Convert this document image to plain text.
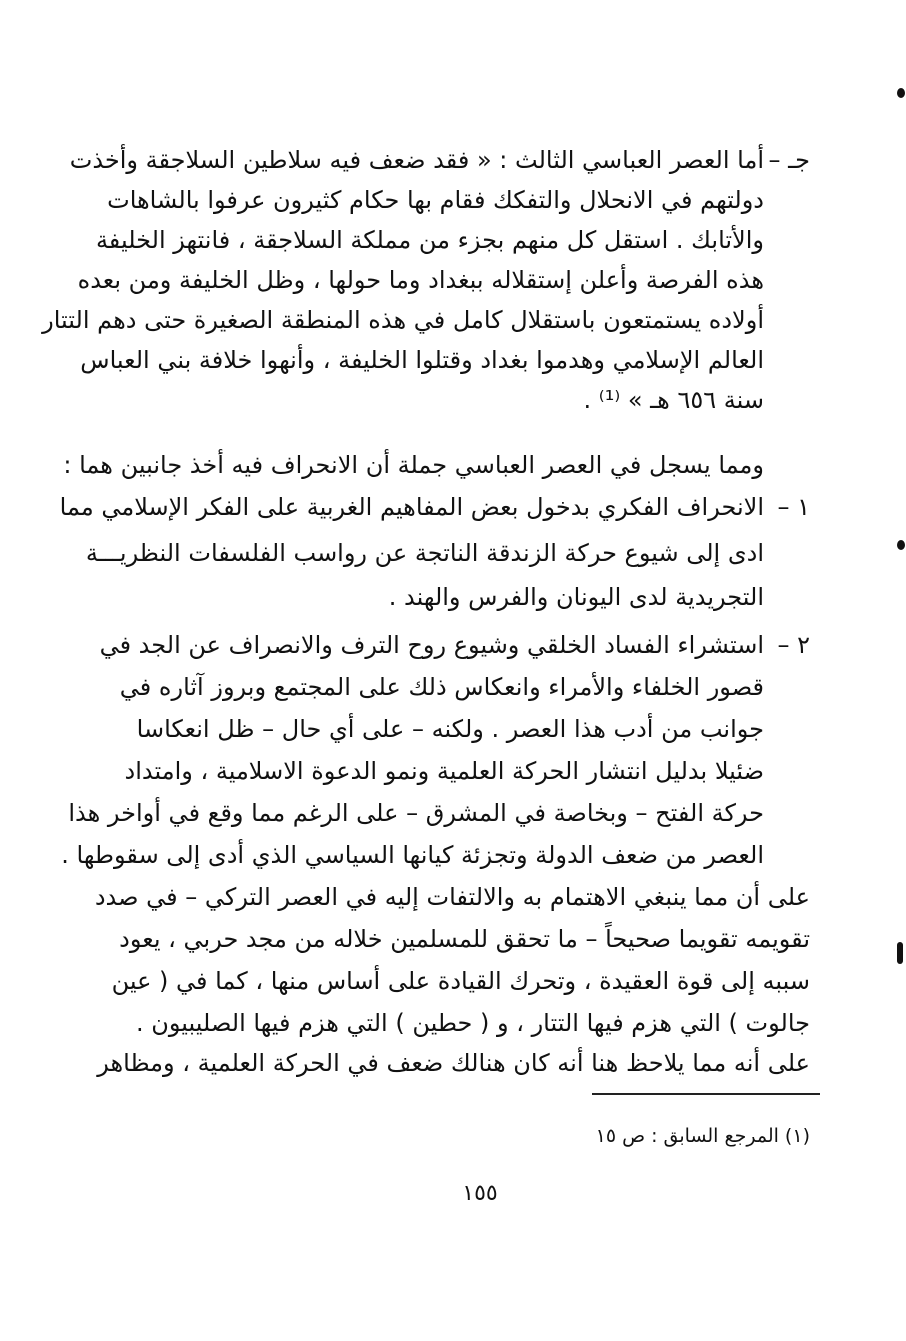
جـ –
أما العصر العباسي الثالث : « فقد ضعف فيه سلاطين السلاجقة وأخذت
دولتهم في الانحلال والتفكك فقام بها حكام كثيرون عرفوا بالشاهات
والأتابك . استقل كل منهم بجزء من مملكة السلاجقة ، فانتهز الخليفة
هذه الفرصة وأعلن إستقلاله ببغداد وما حولها ، وظل الخليفة ومن بعده
أولاده يستمتعون باستقلال كامل في هذه المنطقة الصغيرة حتى دهم التتار
العالم الإسلامي وهدموا بغداد وقتلوا الخليفة ، وأنهوا خلافة بني العباس
سنة ٦٥٦ هـ » ⁽¹⁾ .
ومما يسجل في العصر العباسي جملة أن الانحراف فيه أخذ جانبين هما :
١ –
الانحراف الفكري بدخول بعض المفاهيم الغربية على الفكر الإسلامي مما
ادى إلى شيوع حركة الزندقة الناتجة عن رواسب الفلسفات النظريـــة
التجريدية لدى اليونان والفرس والهند .
٢ –
استشراء الفساد الخلقي وشيوع روح الترف والانصراف عن الجد في
قصور الخلفاء والأمراء وانعكاس ذلك على المجتمع وبروز آثاره في
جوانب من أدب هذا العصر . ولكنه – على أي حال – ظل انعكاسا
ضئيلا بدليل انتشار الحركة العلمية ونمو الدعوة الاسلامية ، وامتداد
حركة الفتح – وبخاصة في المشرق – على الرغم مما وقع في أواخر هذا
العصر من ضعف الدولة وتجزئة كيانها السياسي الذي أدى إلى سقوطها .
على أن مما ينبغي الاهتمام به والالتفات إليه في العصر التركي – في صدد
تقويمه تقويما صحيحاً – ما تحقق للمسلمين خلاله من مجد حربي ، يعود
سببه إلى قوة العقيدة ، وتحرك القيادة على أساس منها ، كما في ( عين
جالوت ) التي هزم فيها التتار ، و ( حطين ) التي هزم فيها الصليبيون .
على أنه مما يلاحظ هنا أنه كان هنالك ضعف في الحركة العلمية ، ومظاهر
(١) المرجع السابق : ص ١٥
١٥٥
